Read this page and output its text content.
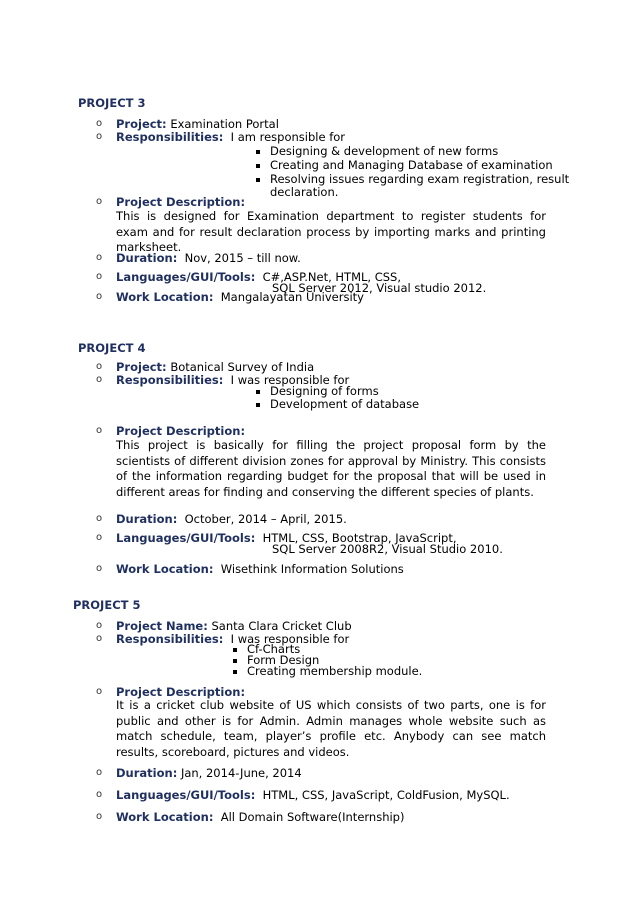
PROJECT 3
o Project: Examination Portal
o Responsibilities: I am responsible for
Designing & development of new forms
Creating and Managing Database of examination
Resolving issues regarding exam registration, result
declaration.
o Project Description:

This is designed for Examination department to register students for exam and for result declaration process by importing marks and printing marksheet.

o Duration: Nov, 2015 – till now.
o Languages/GUI/Tools: C#,ASP.Net, HTML, CSS,
SQL Server 2012, Visual studio 2012.
o Work Location: Mangalayatan University
PROJECT 4
o Project: Botanical Survey of India
o Responsibilities: I was responsible for
Designing of forms
Development of database
o Project Description:

This project is basically for filling the project proposal form by the scientists of different division zones for approval by Ministry. This consists of the information regarding budget for the proposal that will be used in different areas for finding and conserving the different species of plants.

o Duration: October, 2014 – April, 2015.
o Languages/GUI/Tools: HTML, CSS, Bootstrap, JavaScript,
SQL Server 2008R2, Visual Studio 2010.
o Work Location: Wisethink Information Solutions
PROJECT 5
o Project Name: Santa Clara Cricket Club
o Responsibilities: I was responsible for
Cf-Charts
Form Design
Creating membership module.
o Project Description:

It is a cricket club website of US which consists of two parts, one is for public and other is for Admin. Admin manages whole website such as match schedule, team, player’s profile etc. Anybody can see match results, scoreboard, pictures and videos.

o Duration: Jan, 2014-June, 2014
o Languages/GUI/Tools: HTML, CSS, JavaScript, ColdFusion, MySQL.
o Work Location: All Domain Software(Internship)
